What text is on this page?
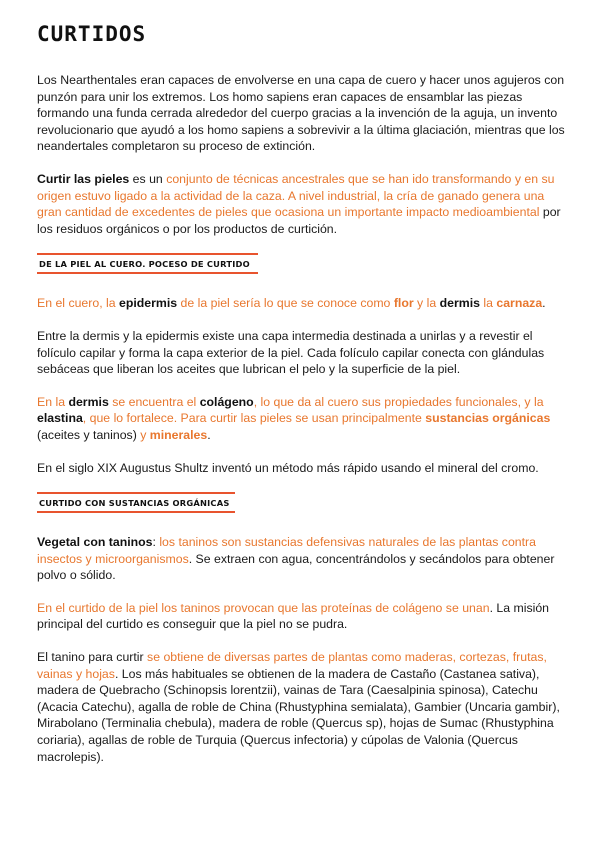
CURTIDOS

Los Nearthentales eran capaces de envolverse en una capa de cuero y hacer unos agujeros con punzón para unir los extremos. Los homo sapiens eran capaces de ensamblar las piezas formando una funda cerrada alrededor del cuerpo gracias a la invención de la aguja, un invento revolucionario que ayudó a los homo sapiens a sobrevivir a la última glaciación, mientras que los neandertales completaron su proceso de extinción.

Curtir las pieles es un conjunto de técnicas ancestrales que se han ido transformando y en su origen estuvo ligado a la actividad de la caza. A nivel industrial, la cría de ganado genera una gran cantidad de excedentes de pieles que ocasiona un importante impacto medioambiental por los residuos orgánicos o por los productos de curtición.

DE LA PIEL AL CUERO. POCESO DE CURTIDO

En el cuero, la epidermis de la piel sería lo que se conoce como flor y la dermis la carnaza.

Entre la dermis y la epidermis existe una capa intermedia destinada a unirlas y a revestir el folículo capilar y forma la capa exterior de la piel. Cada folículo capilar conecta con glándulas sebáceas que liberan los aceites que lubrican el pelo y la superficie de la piel.

En la dermis se encuentra el colágeno, lo que da al cuero sus propiedades funcionales, y la elastina, que lo fortalece. Para curtir las pieles se usan principalmente sustancias orgánicas (aceites y taninos) y minerales.

En el siglo XIX Augustus Shultz inventó un método más rápido usando el mineral del cromo.

CURTIDO CON SUSTANCIAS ORGÁNICAS

Vegetal con taninos: los taninos son sustancias defensivas naturales de las plantas contra insectos y microorganismos. Se extraen con agua, concentrándolos y secándolos para obtener polvo o sólido.

En el curtido de la piel los taninos provocan que las proteínas de colágeno se unan. La misión principal del curtido es conseguir que la piel no se pudra.

El tanino para curtir se obtiene de diversas partes de plantas como maderas, cortezas, frutas, vainas y hojas. Los más habituales se obtienen de la madera de Castaño (Castanea sativa), madera de Quebracho (Schinopsis lorentzii), vainas de Tara (Caesalpinia spinosa), Catechu (Acacia Catechu), agalla de roble de China (Rhustyphina semialata), Gambier (Uncaria gambir), Mirabolano (Terminalia chebula), madera de roble (Quercus sp), hojas de Sumac (Rhustyphina coriaria), agallas de roble de Turquia (Quercus infectoria) y cúpolas de Valonia (Quercus macrolepis).
